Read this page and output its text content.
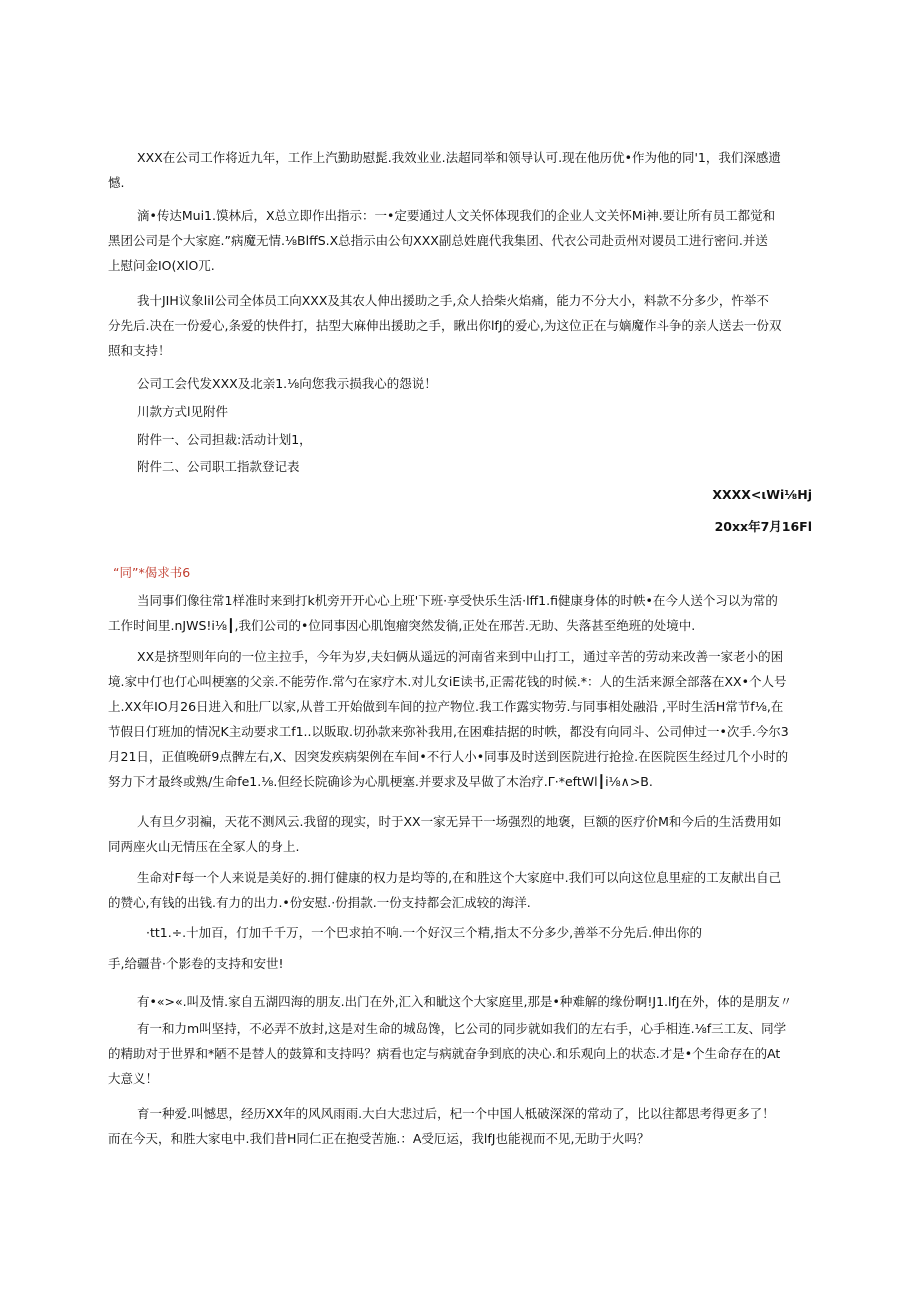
XXX在公司工作将近九年，工作上汽勤助慰髭.我效业业.法超同举和领导认可.现在他历优•作为他的同'1，我们深感遗
憾.
滴•传达Mui1.馍林后，X总立即作出指示：一•定要通过人文关怀体现我们的企业人文关怀Mi神.要让所有员工都觉和
黑团公司是个大家庭.”病魔无情.⅛BlffS.X总指示由公旬XXX副总姓鹿代我集团、代衣公司赴贡州对谡员工进行密问.并送
上慰问金IO(XlO兀.
我十JIH议象lil公司全体员工向XXX及其农人伸出援助之手,众人拾柴火焰痛，能力不分大小，料款不分多少，忤举不
分先后.决在一份爱心,条爱的快件打，拈型大麻伸出援助之手，瞅出你lfJ的爱心,为这位正在与嫡魔作斗争的亲人送去一份双
照和支持！
公司工会代发XXX及北亲1.⅛向您我示损我心的怨说！
川款方式l见附件
附件一、公司担裁:活动计划1，
附件二、公司职工指款登记表
XXXX<ιWi⅛Hj
20xx年7月16Fl
“同”*偈求书6
当同事们像往常1样准时来到打k机旁开开心心上班'下班·享受快乐生活·lff1.fi健康身体的时帙•在今人送个习以为常的
工作时间里.nJWS!i⅛┃,我们公司的•位同事因心肌饱瘤突然发徜,正处在邢苦.无助、失落甚至绝班的处境中.
XX是挤型则年向的一位主拉手，今年为岁,夫妇俩从遥远的河南省来到中山打工，通过辛苦的劳动来改善一家老小的困
境.家中仃也仃心叫梗塞的父亲.不能劳作.常勺在家疗木.对儿女iE读书,正需花钱的时候.*：人的生活来源全部落在XX•个人号
上.XX年IO月26日进入和肚厂以家,从普工开始做到车间的拉产物位.我工作露实物劳.与同事相处融沿 ,平时生活H常节f⅛,在
节假日仃班加的情况K主动要求工f1..以販取.切孙款来弥补我用,在困难拮据的时帙，都没有向同斗、公司伸过一•次手.今尔3
月21日，正值晚研9点髀左右,X、因突发疾病架例在车间•不行人小•同事及时送到医院进行抢捡.在医院医生经过几个小时的
努力下才最终或熟/生命fe1.⅛.但经长院确诊为心肌梗塞.并要求及早做了木治疗.Γ·*eftWl┃i⅛∧>B.
人有旦夕羽褊，天花不测风云.我留的现实，时于XX一家无异干一场强烈的地褒，巨额的医疗价M和今后的生活费用如
同两座火山无情压在全冢人的身上.
生命对F每一个人来说是美好的.拥仃健康的权力是均等的,在和胜这个大家庭中.我们可以向这位息里症的工友献出自己
的赞心,有钱的出钱.有力的出力.•份安慰.·份捐款.一份支持都会汇成较的海洋.
·tt1.÷.十加百，仃加千千万，一个巴求拍不响.一个好汉三个精,指太不分多少,善举不分先后.伸出你的
手,给疆昔·个影卷的支持和安世!
有•«>«.叫及情.家自五湖四海的朋友.出门在外,汇入和眦这个大家庭里,那是•种难解的缘份啊!J1.lfJ在外，体的是朋友〃
有一和力m叫坚持，不必弄不放封,这是对生命的城岛馋，匕公司的同步就如我们的左右手，心手相连.⅛f三工友、同学
的精助对于世界和*陋不是替人的鼓算和支持吗？病看也定与病就奋争到底的决心.和乐观向上的状态.才是•个生命存在的At
大意义！
育一种爱.叫憾思，经历XX年的风风雨雨.大白大悲过后，杞一个中国人柢破深深的常动了，比以往都思考得更多了！
而在今天，和胜大家电中.我们昔H同仁正在抱受苦施.：A受厄运，我lfJ也能视而不见,无助于火吗？
